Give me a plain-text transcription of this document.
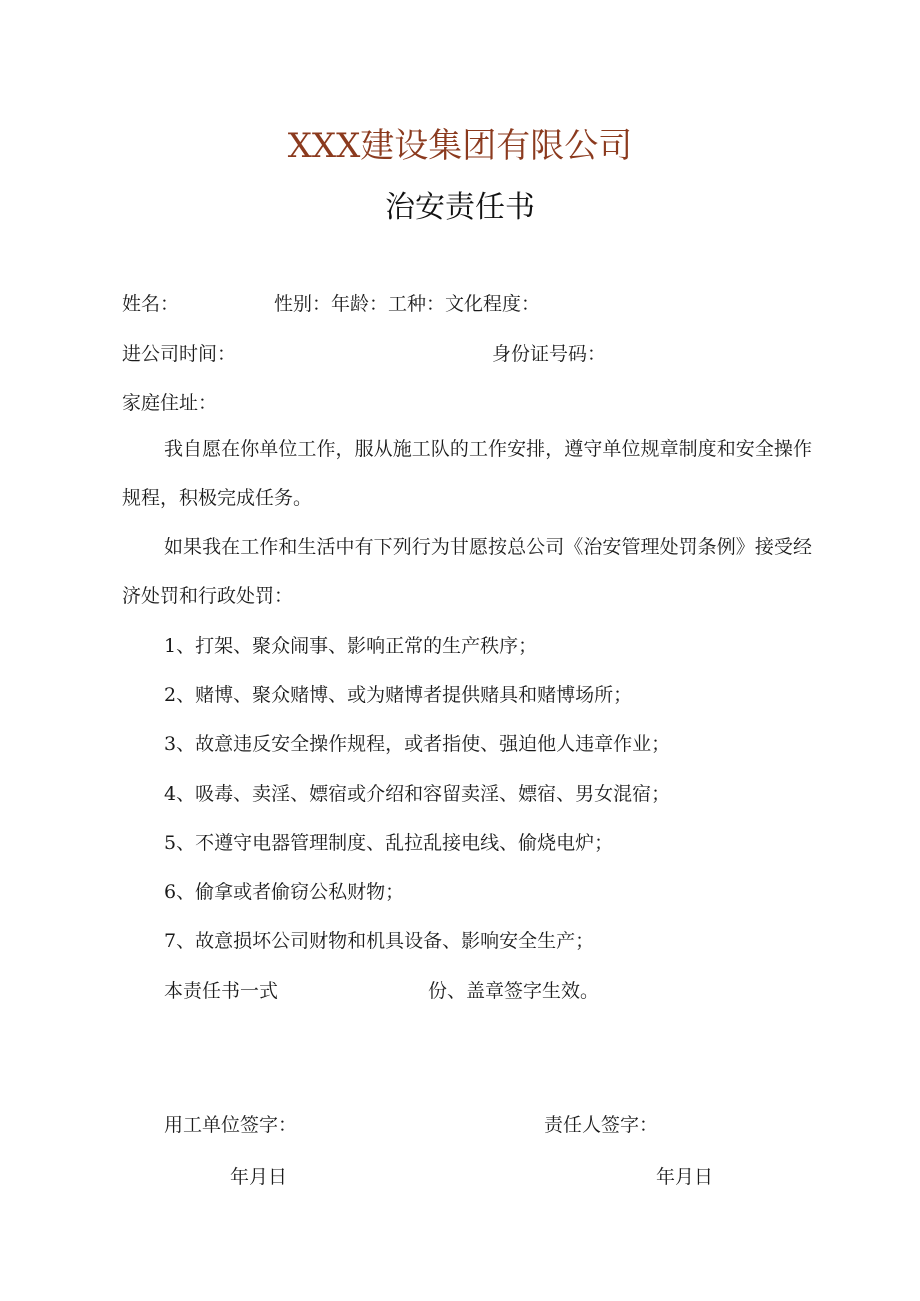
XXX建设集团有限公司
治安责任书
姓名：	性别：年龄：工种：文化程度：
进公司时间：	身份证号码：
家庭住址：
我自愿在你单位工作，服从施工队的工作安排，遵守单位规章制度和安全操作规程，积极完成任务。
如果我在工作和生活中有下列行为甘愿按总公司《治安管理处罚条例》接受经济处罚和行政处罚：
1、打架、聚众闹事、影响正常的生产秩序；
2、赌博、聚众赌博、或为赌博者提供赌具和赌博场所；
3、故意违反安全操作规程，或者指使、强迫他人违章作业；
4、吸毒、卖淫、嫖宿或介绍和容留卖淫、嫖宿、男女混宿；
5、不遵守电器管理制度、乱拉乱接电线、偷烧电炉；
6、偷拿或者偷窃公私财物；
7、故意损坏公司财物和机具设备、影响安全生产；
本责任书一式	份、盖章签字生效。
用工单位签字：	责任人签字：
年月日	年月日
